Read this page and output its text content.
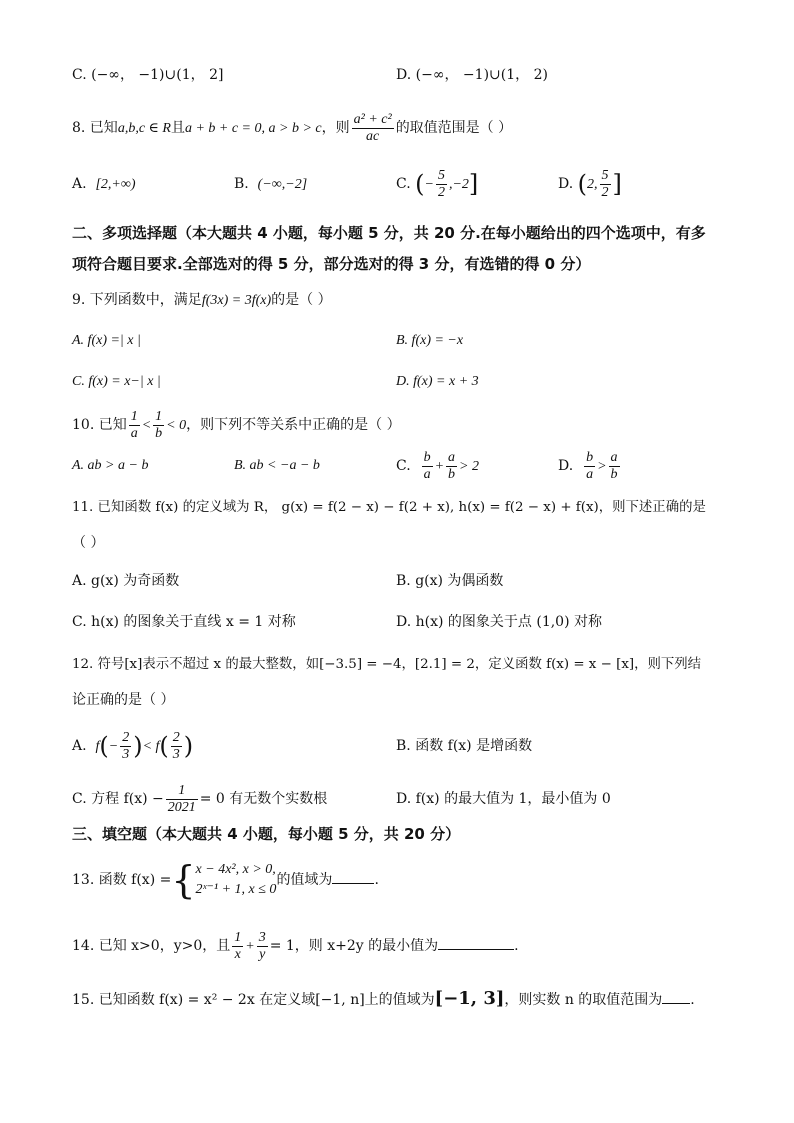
C. (−∞， −1)∪(1， 2]	D. (−∞， −1)∪(1， 2)
8. 已知a,b,c ∈ R且a + b + c = 0, a > b > c，则 $\frac{\text{a² + c²}}{ac}$ 的取值范围是（ ）
A. [2,+∞)	B. (−∞,−2]	C. (− $\frac{5}{2} ,-2$]	D. (2, $\frac{5}{2}$ ]
二、多项选择题（本大题共 4 小题，每小题 5 分，共 20 分.在每小题给出的四个选项中，有多
项符合题目要求.全部选对的得 5 分，部分选对的得 3 分，有选错的得 0 分）
9. 下列函数中，满足f(3x) = 3f(x)的是（ ）
A. f(x) =| x |	B. f(x) = −x
C. f(x) = x−| x |	D. f(x) = x + 3
10. 已知 $\frac{1}{a} < \frac{1}{b} < 0$，则下列不等关系中正确的是（ ）
A. ab > a − b	B. ab < −a − b	C. $\frac{b}{a} + \frac{a}{b} > 2$	D. $\frac{b}{a} > \frac{a}{b}$
11. 已知函数 f(x) 的定义域为 R， g(x) = f(2 − x) − f(2 + x), h(x) = f(2 − x) + f(x)，则下述正确的是
（ ）
A. g(x) 为奇函数	B. g(x) 为偶函数
C. h(x) 的图象关于直线 x = 1 对称	D. h(x) 的图象关于点 (1,0) 对称
12. 符号[x]表示不超过 x 的最大整数，如[−3.5] = −4，[2.1] = 2，定义函数 f(x) = x − [x]，则下列结
论正确的是（ ）
A. $f(- \frac{2}{3}$ )< $f( \frac{2}{3}$ )	B. 函数 f(x) 是增函数
C. 方程 $f(x) - \frac{1}{2021} = 0$ 有无数个实数根	D. f(x) 的最大值为 1，最小值为 0
三、填空题（本大题共 4 小题，每小题 5 分，共 20 分）
13. 函数 f(x) ={ x − 4x², x > 0,
2ˣ⁻¹ + 1, x ≤ 0
的值域为	.
14. 已知 x>0，y>0，且 $\frac{1}{x} + \frac{3}{y} = 1$，则 x+2y 的最小值为	.
15. 已知函数 f(x) = x² − 2x 在定义域[−1, n]上的值域为[−1, 3]，则实数 n 的取值范围为 .
